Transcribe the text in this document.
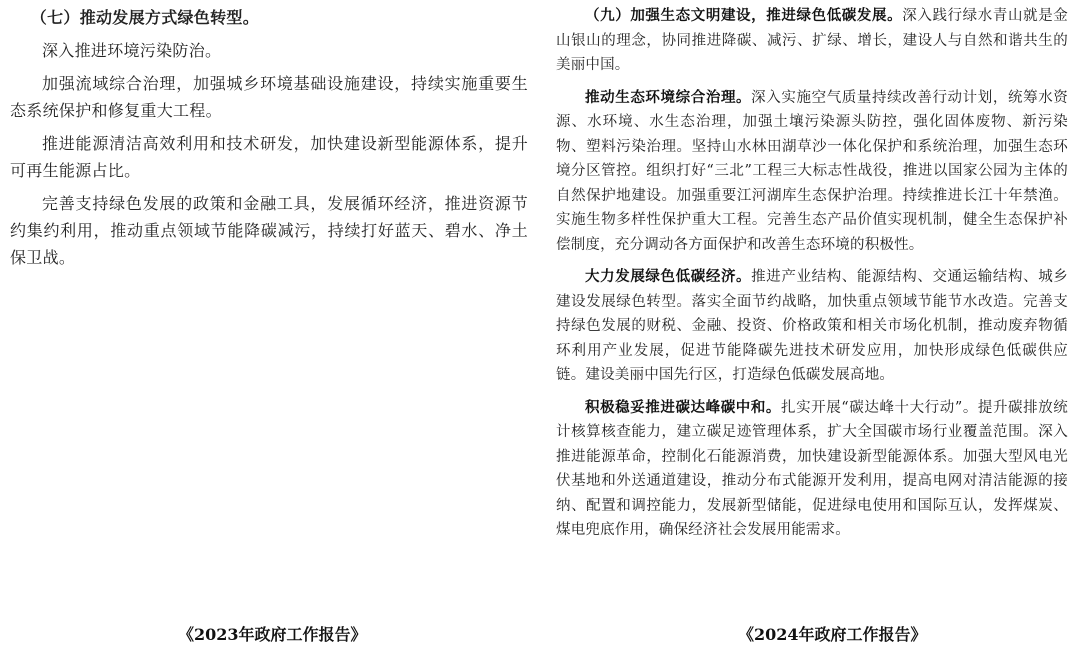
（七）推动发展方式绿色转型。

深入推进环境污染防治。

加强流域综合治理，加强城乡环境基础设施建设，持续实施重要生态系统保护和修复重大工程。

推进能源清洁高效利用和技术研发，加快建设新型能源体系，提升可再生能源占比。

完善支持绿色发展的政策和金融工具，发展循环经济，推进资源节约集约利用，推动重点领域节能降碳减污，持续打好蓝天、碧水、净土保卫战。

（九）加强生态文明建设，推进绿色低碳发展。深入践行绿水青山就是金山银山的理念，协同推进降碳、减污、扩绿、增长，建设人与自然和谐共生的美丽中国。

推动生态环境综合治理。深入实施空气质量持续改善行动计划，统筹水资源、水环境、水生态治理，加强土壤污染源头防控，强化固体废物、新污染物、塑料污染治理。坚持山水林田湖草沙一体化保护和系统治理，加强生态环境分区管控。组织打好“三北”工程三大标志性战役，推进以国家公园为主体的自然保护地建设。加强重要江河湖库生态保护治理。持续推进长江十年禁渔。实施生物多样性保护重大工程。完善生态产品价值实现机制，健全生态保护补偿制度，充分调动各方面保护和改善生态环境的积极性。

大力发展绿色低碳经济。推进产业结构、能源结构、交通运输结构、城乡建设发展绿色转型。落实全面节约战略，加快重点领域节能节水改造。完善支持绿色发展的财税、金融、投资、价格政策和相关市场化机制，推动废弃物循环利用产业发展，促进节能降碳先进技术研发应用，加快形成绿色低碳供应链。建设美丽中国先行区，打造绿色低碳发展高地。

积极稳妥推进碳达峰碳中和。扎实开展“碳达峰十大行动”。提升碳排放统计核算核查能力，建立碳足迹管理体系，扩大全国碳市场行业覆盖范围。深入推进能源革命，控制化石能源消费，加快建设新型能源体系。加强大型风电光伏基地和外送通道建设，推动分布式能源开发利用，提高电网对清洁能源的接纳、配置和调控能力，发展新型储能，促进绿电使用和国际互认，发挥煤炭、煤电兜底作用，确保经济社会发展用能需求。

《2023年政府工作报告》	《2024年政府工作报告》
